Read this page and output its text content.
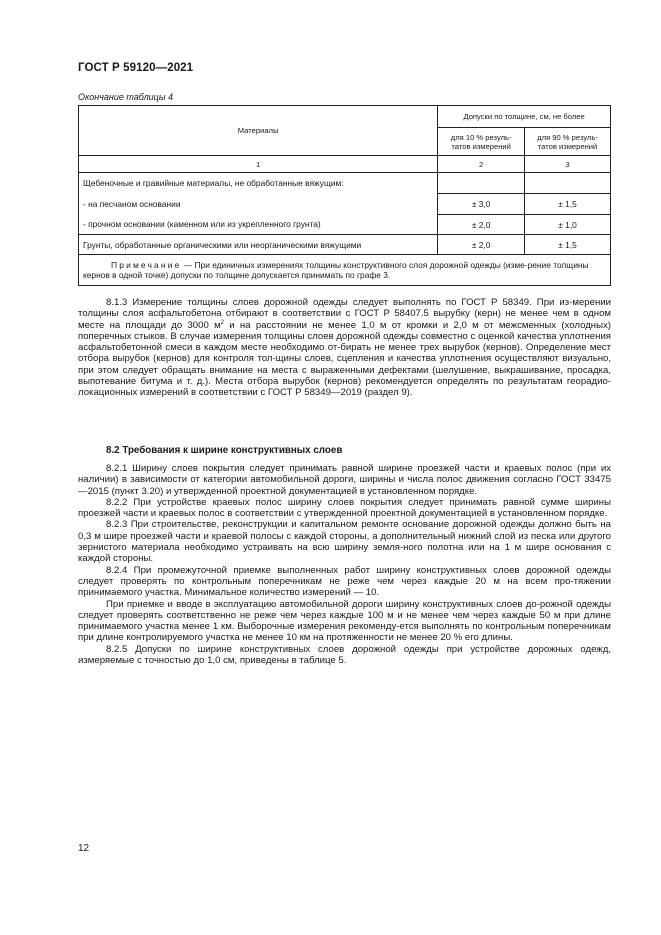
ГОСТ Р 59120—2021
Окончание таблицы 4
Материалы	Допуски по толщине, см, не более	
	для 10 % резуль-татов измерений	для 90 % резуль-татов измерений
1	2	3
Щебеночные и гравийные материалы, не обработанные вяжущим:		
- на песчаном основании	± 3,0	± 1,5
- прочном основании (каменном или из укрепленного грунта)	± 2,0	± 1,0
Грунты, обработанные органическими или неорганическими вяжущими	± 2,0	± 1,5
Примечание — При единичных измерениях толщины конструктивного слоя дорожной одежды (изме-рение толщины кернов в одной точке) допуски по толщине допускается принимать по графе 3.		

8.1.3 Измерение толщины слоев дорожной одежды следует выполнять по ГОСТ Р 58349. При из-мерении толщины слоя асфальтобетона отбирают в соответствии с ГОСТ Р 58407.5 вырубку (керн) не менее чем в одном месте на площади до 3000 $м^2$ и на расстоянии не менее 1,0 м от кромки и 2,0 м от межсменных (холодных) поперечных стыков. В случае измерения толщины слоев дорожной одежды совместно с оценкой качества уплотнения асфальтобетонной смеси в каждом месте необходимо от-бирать не менее трех вырубок (кернов). Определение мест отбора вырубок (кернов) для контроля тол-щины слоев, сцепления и качества уплотнения осуществляют визуально, при этом следует обращать внимание на места с выраженными дефектами (шелушение, выкрашивание, просадка, выпотевание битума и т. д.). Места отбора вырубок (кернов) рекомендуется определять по результатам георадио-локационных измерений в соответствии с ГОСТ Р 58349—2019 (раздел 9).

8.2 Требования к ширине конструктивных слоев

8.2.1 Ширину слоев покрытия следует принимать равной ширине проезжей части и краевых полос (при их наличии) в зависимости от категории автомобильной дороги, ширины и числа полос движения согласно ГОСТ 33475—2015 (пункт 3.20) и утвержденной проектной документацией в установленном порядке.

8.2.2 При устройстве краевых полос ширину слоев покрытия следует принимать равной сумме ширины проезжей части и краевых полос в соответствии с утвержденной проектной документацией в установленном порядке.

8.2.3 При строительстве, реконструкции и капитальном ремонте основание дорожной одежды должно быть на 0,3 м шире проезжей части и краевой полосы с каждой стороны, а дополнительный нижний слой из песка или другого зернистого материала необходимо устраивать на всю ширину земля-ного полотна или на 1 м шире основания с каждой стороны.

8.2.4 При промежуточной приемке выполненных работ ширину конструктивных слоев дорожной одежды следует проверять по контрольным поперечникам не реже чем через каждые 20 м на всем про-тяжении принимаемого участка. Минимальное количество измерений — 10.

При приемке и вводе в эксплуатацию автомобильной дороги ширину конструктивных слоев до-рожной одежды следует проверять соответственно не реже чем через каждые 100 м и не менее чем через каждые 50 м при длине принимаемого участка менее 1 км. Выборочные измерения рекоменду-ется выполнять по контрольным поперечникам при длине контролируемого участка не менее 10 км на протяженности не менее 20 % его длины.

8.2.5 Допуски по ширине конструктивных слоев дорожной одежды при устройстве дорожных одежд, измеряемые с точностью до 1,0 см, приведены в таблице 5.

12
